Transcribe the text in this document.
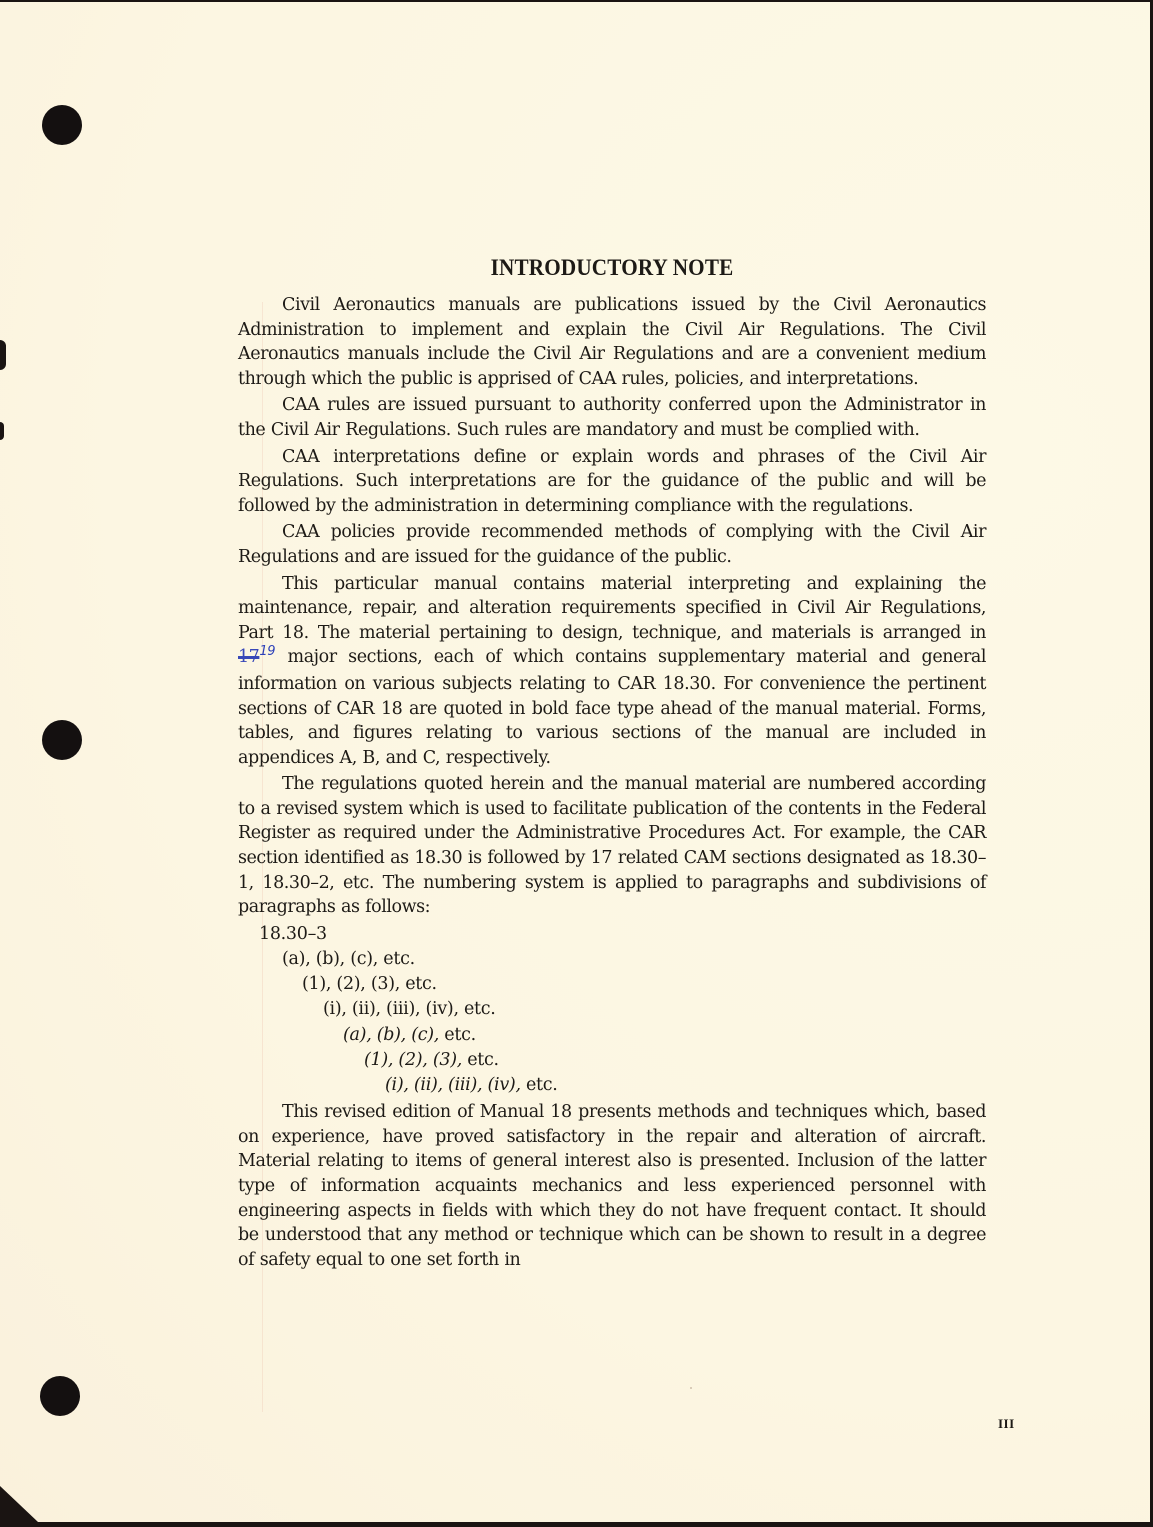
INTRODUCTORY NOTE

Civil Aeronautics manuals are publications issued by the Civil Aeronautics Administration to implement and explain the Civil Air Regulations. The Civil Aeronautics manuals include the Civil Air Regulations and are a convenient medium through which the public is apprised of CAA rules, policies, and interpretations.

CAA rules are issued pursuant to authority conferred upon the Administrator in the Civil Air Regulations. Such rules are mandatory and must be complied with.

CAA interpretations define or explain words and phrases of the Civil Air Regulations. Such interpretations are for the guidance of the public and will be followed by the administration in determining compliance with the regulations.

CAA policies provide recommended methods of complying with the Civil Air Regulations and are issued for the guidance of the public.

This particular manual contains material interpreting and explaining the maintenance, repair, and alteration requirements specified in Civil Air Regulations, Part 18. The material pertaining to design, technique, and materials is arranged in $17^{19}$ major sections, each of which contains supplementary material and general information on various subjects relating to CAR 18.30. For convenience the pertinent sections of CAR 18 are quoted in bold face type ahead of the manual material. Forms, tables, and figures relating to various sections of the manual are included in appendices A, B, and C, respectively.

The regulations quoted herein and the manual material are numbered according to a revised system which is used to facilitate publication of the contents in the Federal Register as required under the Administrative Procedures Act. For example, the CAR section identified as 18.30 is followed by 17 related CAM sections designated as 18.30–1, 18.30–2, etc. The numbering system is applied to paragraphs and subdivisions of paragraphs as follows:

18.30–3
(a), (b), (c), etc.
(1), (2), (3), etc.
(i), (ii), (iii), (iv), etc.
(a), (b), (c), etc.
(1), (2), (3), etc.
(i), (ii), (iii), (iv), etc.

This revised edition of Manual 18 presents methods and techniques which, based on experience, have proved satisfactory in the repair and alteration of aircraft. Material relating to items of general interest also is presented. Inclusion of the latter type of information acquaints mechanics and less experienced personnel with engineering aspects in fields with which they do not have frequent contact. It should be understood that any method or technique which can be shown to result in a degree of safety equal to one set forth in

III
